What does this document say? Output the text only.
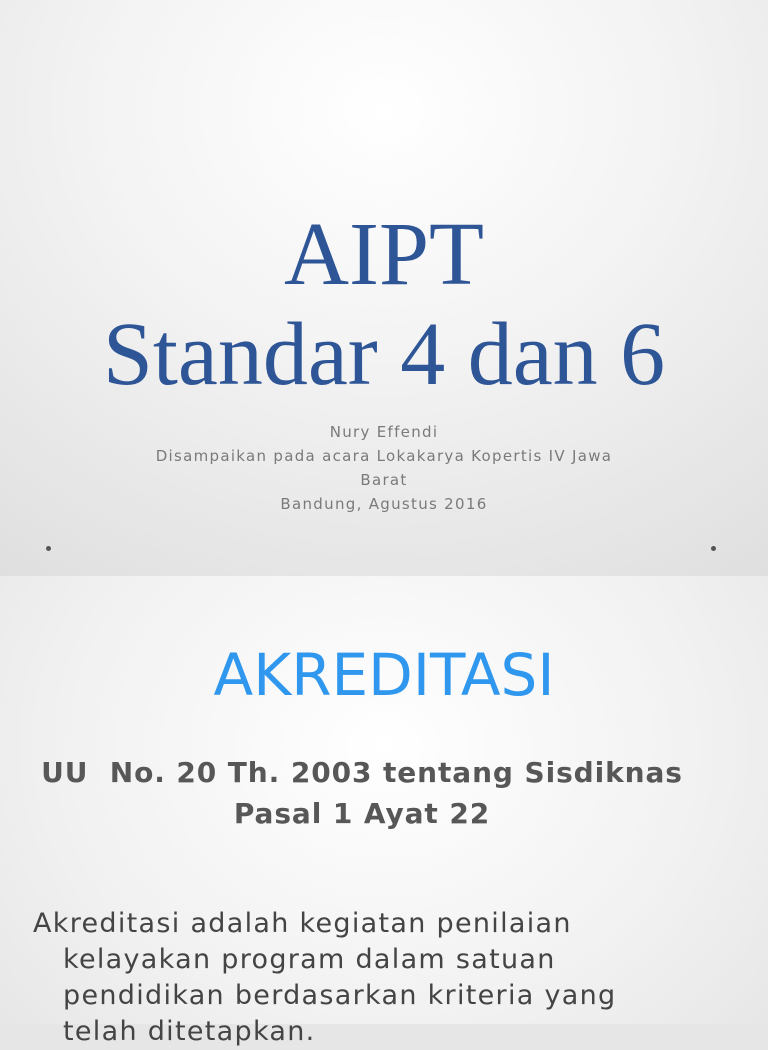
AIPT
Standar 4 dan 6
Nury Effendi
Disampaikan pada acara Lokakarya Kopertis IV Jawa Barat
Bandung, Agustus 2016
AKREDITASI
UU  No. 20 Th. 2003 tentang Sisdiknas
Pasal 1 Ayat 22

Akreditasi adalah kegiatan penilaian kelayakan program dalam satuan pendidikan berdasarkan kriteria yang telah ditetapkan.
